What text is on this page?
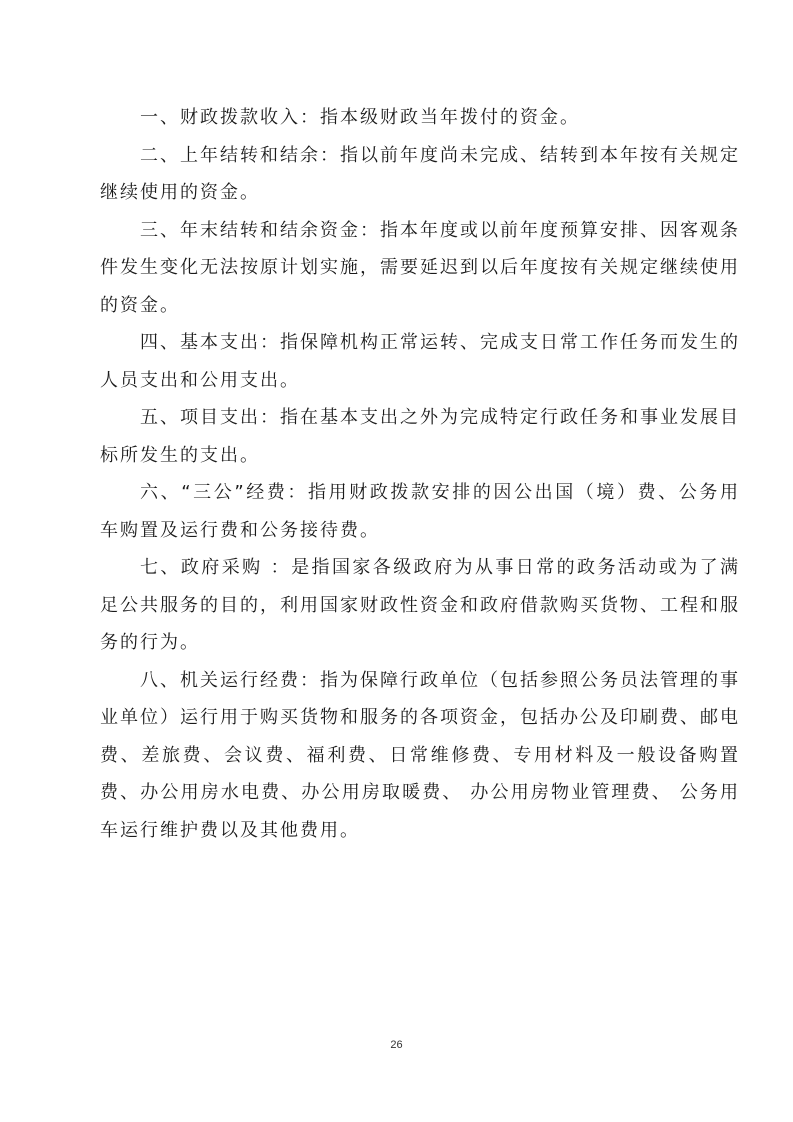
一、财政拨款收入：指本级财政当年拨付的资金。

二、上年结转和结余：指以前年度尚未完成、结转到本年按有关规定继续使用的资金。

三、年末结转和结余资金：指本年度或以前年度预算安排、因客观条件发生变化无法按原计划实施，需要延迟到以后年度按有关规定继续使用的资金。

四、基本支出：指保障机构正常运转、完成支日常工作任务而发生的人员支出和公用支出。

五、项目支出：指在基本支出之外为完成特定行政任务和事业发展目标所发生的支出。

六、“三公”经费：指用财政拨款安排的因公出国（境）费、公务用车购置及运行费和公务接待费。

七、政府采购 ：是指国家各级政府为从事日常的政务活动或为了满足公共服务的目的，利用国家财政性资金和政府借款购买货物、工程和服务的行为。

八、机关运行经费：指为保障行政单位（包括参照公务员法管理的事业单位）运行用于购买货物和服务的各项资金，包括办公及印刷费、邮电费、差旅费、会议费、福利费、日常维修费、专用材料及一般设备购置费、办公用房水电费、办公用房取暖费、 办公用房物业管理费、 公务用车运行维护费以及其他费用。

26
